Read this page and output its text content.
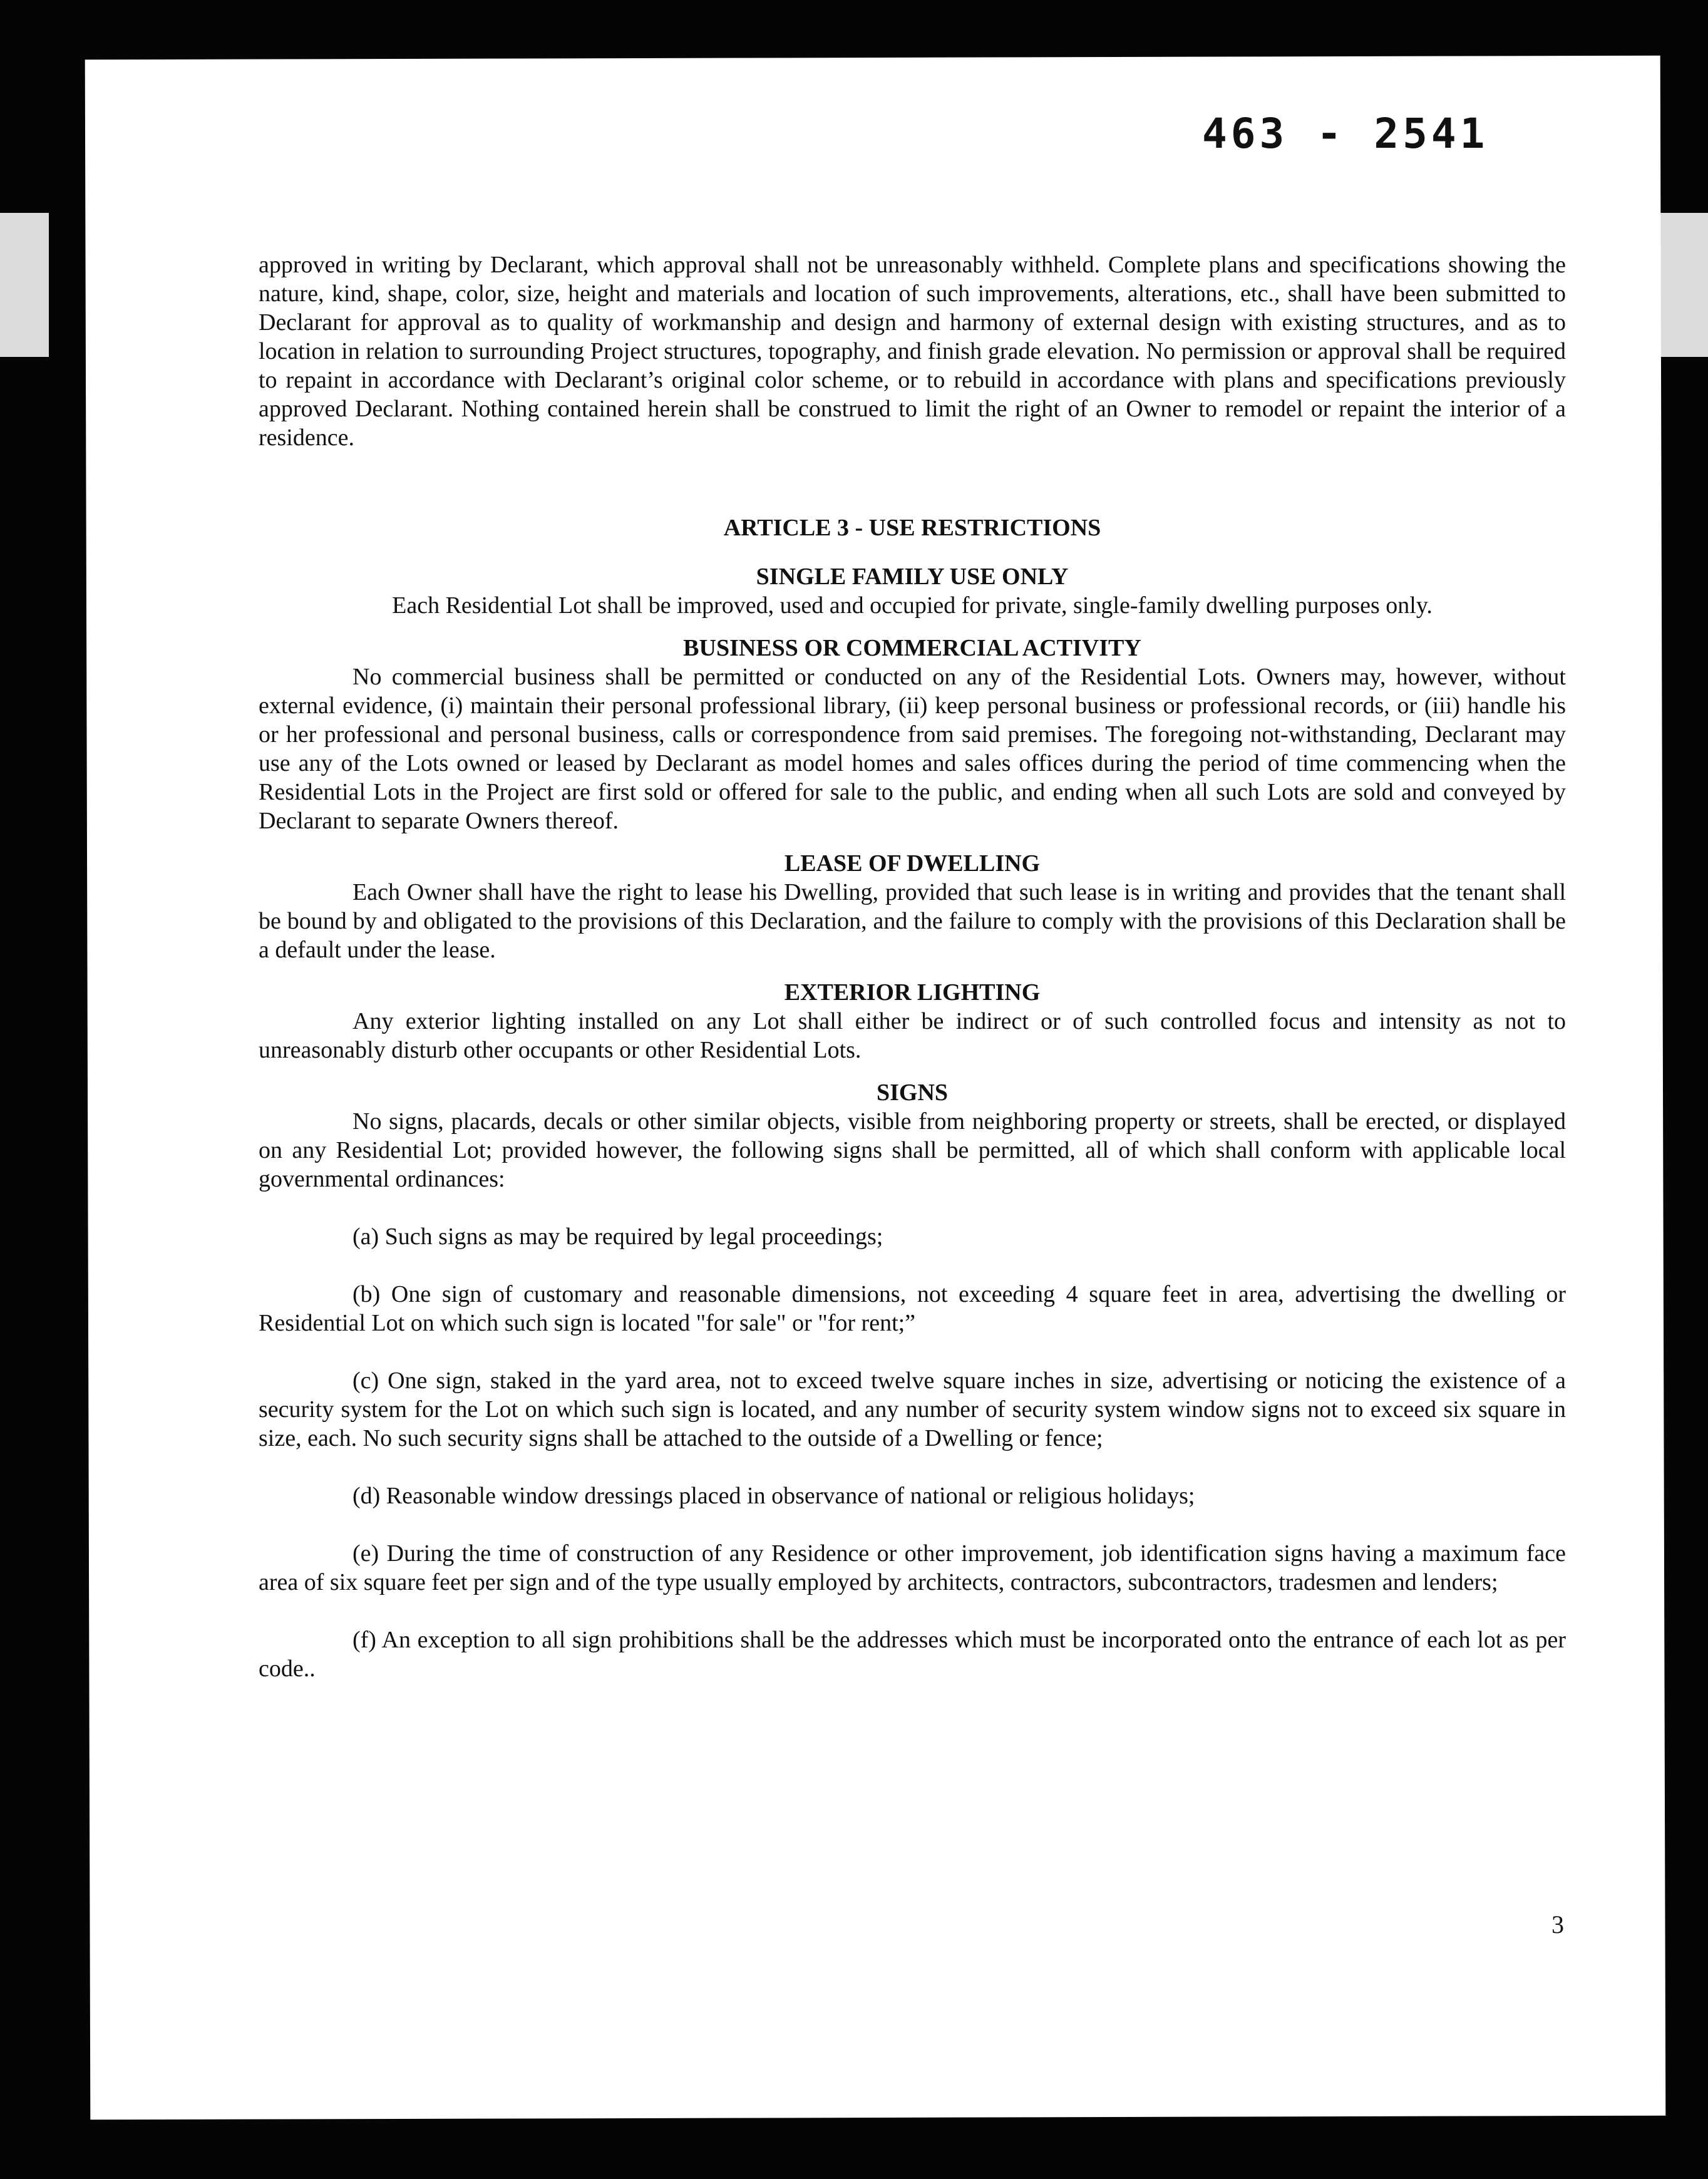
463 - 2541

approved in writing by Declarant, which approval shall not be unreasonably withheld. Complete plans and specifications showing the nature, kind, shape, color, size, height and materials and location of such improvements, alterations, etc., shall have been submitted to Declarant for approval as to quality of workmanship and design and harmony of external design with existing structures, and as to location in relation to surrounding Project structures, topography, and finish grade elevation. No permission or approval shall be required to repaint in accordance with Declarant’s original color scheme, or to rebuild in accordance with plans and specifications previously approved Declarant. Nothing contained herein shall be construed to limit the right of an Owner to remodel or repaint the interior of a residence.

ARTICLE 3 - USE RESTRICTIONS

SINGLE FAMILY USE ONLY

Each Residential Lot shall be improved, used and occupied for private, single-family dwelling purposes only.

BUSINESS OR COMMERCIAL ACTIVITY

No commercial business shall be permitted or conducted on any of the Residential Lots. Owners may, however, without external evidence, (i) maintain their personal professional library, (ii) keep personal business or professional records, or (iii) handle his or her professional and personal business, calls or correspondence from said premises. The foregoing not-withstanding, Declarant may use any of the Lots owned or leased by Declarant as model homes and sales offices during the period of time commencing when the Residential Lots in the Project are first sold or offered for sale to the public, and ending when all such Lots are sold and conveyed by Declarant to separate Owners thereof.

LEASE OF DWELLING

Each Owner shall have the right to lease his Dwelling, provided that such lease is in writing and provides that the tenant shall be bound by and obligated to the provisions of this Declaration, and the failure to comply with the provisions of this Declaration shall be a default under the lease.

EXTERIOR LIGHTING

Any exterior lighting installed on any Lot shall either be indirect or of such controlled focus and intensity as not to unreasonably disturb other occupants or other Residential Lots.

SIGNS

No signs, placards, decals or other similar objects, visible from neighboring property or streets, shall be erected, or displayed on any Residential Lot; provided however, the following signs shall be permitted, all of which shall conform with applicable local governmental ordinances:

(a) Such signs as may be required by legal proceedings;

(b) One sign of customary and reasonable dimensions, not exceeding 4 square feet in area, advertising the dwelling or Residential Lot on which such sign is located "for sale" or "for rent;”

(c) One sign, staked in the yard area, not to exceed twelve square inches in size, advertising or noticing the existence of a security system for the Lot on which such sign is located, and any number of security system window signs not to exceed six square in size, each. No such security signs shall be attached to the outside of a Dwelling or fence;

(d) Reasonable window dressings placed in observance of national or religious holidays;

(e) During the time of construction of any Residence or other improvement, job identification signs having a maximum face area of six square feet per sign and of the type usually employed by architects, contractors, subcontractors, tradesmen and lenders;

(f) An exception to all sign prohibitions shall be the addresses which must be incorporated onto the entrance of each lot as per code..

3
